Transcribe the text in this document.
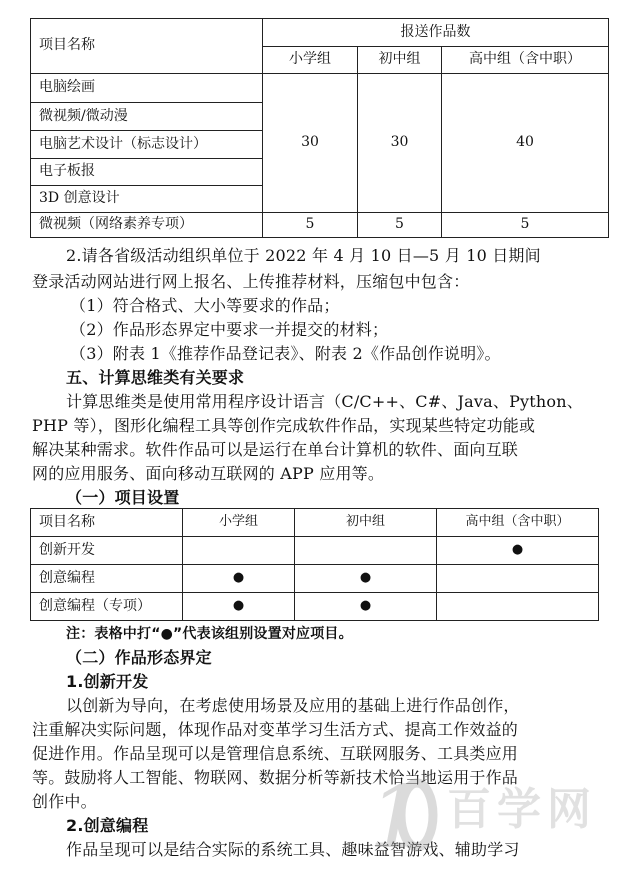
项目名称	报送作品数		
	小学组	初中组	高中组（含中职）
电脑绘画	30	30	40
微视频/微动漫			
电脑艺术设计（标志设计）			
电子板报			
3D 创意设计			
微视频（网络素养专项）	5	5	5
2.请各省级活动组织单位于 2022 年 4 月 10 日—5 月 10 日期间
登录活动网站进行网上报名、上传推荐材料，压缩包中包含：
（1）符合格式、大小等要求的作品；
（2）作品形态界定中要求一并提交的材料；
（3）附表 1《推荐作品登记表》、附表 2《作品创作说明》。
五、计算思维类有关要求
计算思维类是使用常用程序设计语言（C/C++、C#、Java、Python、
PHP 等），图形化编程工具等创作完成软件作品，实现某些特定功能或
解决某种需求。软件作品可以是运行在单台计算机的软件、面向互联
网的应用服务、面向移动互联网的 APP 应用等。
（一）项目设置
项目名称	小学组	初中组	高中组（含中职）
创新开发			●
创意编程	●	●	
创意编程（专项）	●	●	
注：表格中打“●”代表该组别设置对应项目。
（二）作品形态界定
1.创新开发
以创新为导向，在考虑使用场景及应用的基础上进行作品创作，
注重解决实际问题，体现作品对变革学习生活方式、提高工作效益的
促进作用。作品呈现可以是管理信息系统、互联网服务、工具类应用
等。鼓励将人工智能、物联网、数据分析等新技术恰当地运用于作品
创作中。
2.创意编程
作品呈现可以是结合实际的系统工具、趣味益智游戏、辅助学习
1 百学网
